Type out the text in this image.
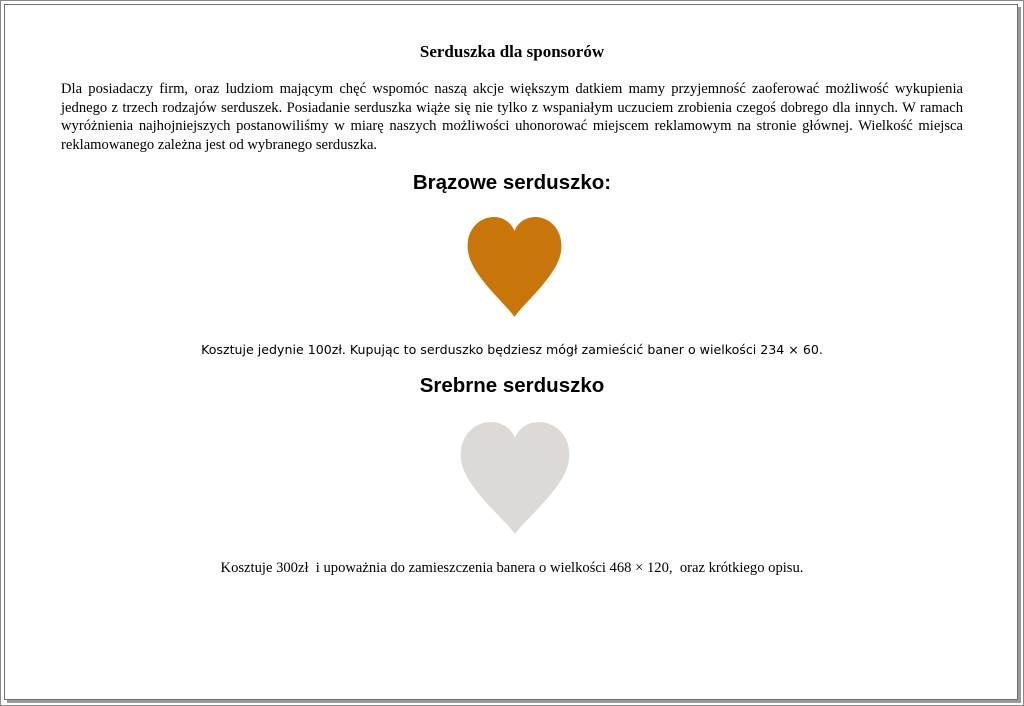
Serduszka dla sponsorów

Dla posiadaczy firm, oraz ludziom mającym chęć wspomóc naszą akcje większym datkiem mamy przyjemność zaoferować możliwość wykupienia jednego z trzech rodzajów serduszek. Posiadanie serduszka wiąże się nie tylko z wspaniałym uczuciem zrobienia czegoś dobrego dla innych. W ramach wyróżnienia najhojniejszych postanowiliśmy w miarę naszych możliwości uhonorować miejscem reklamowym na stronie głównej. Wielkość miejsca reklamowanego zależna jest od wybranego serduszka.

Brązowe serduszko:
Kosztuje jedynie 100zł. Kupując to serduszko będziesz mógł zamieścić baner o wielkości 234 × 60.
Srebrne serduszko
Kosztuje 300zł  i upoważnia do zamieszczenia banera o wielkości 468 × 120,  oraz krótkiego opisu.
